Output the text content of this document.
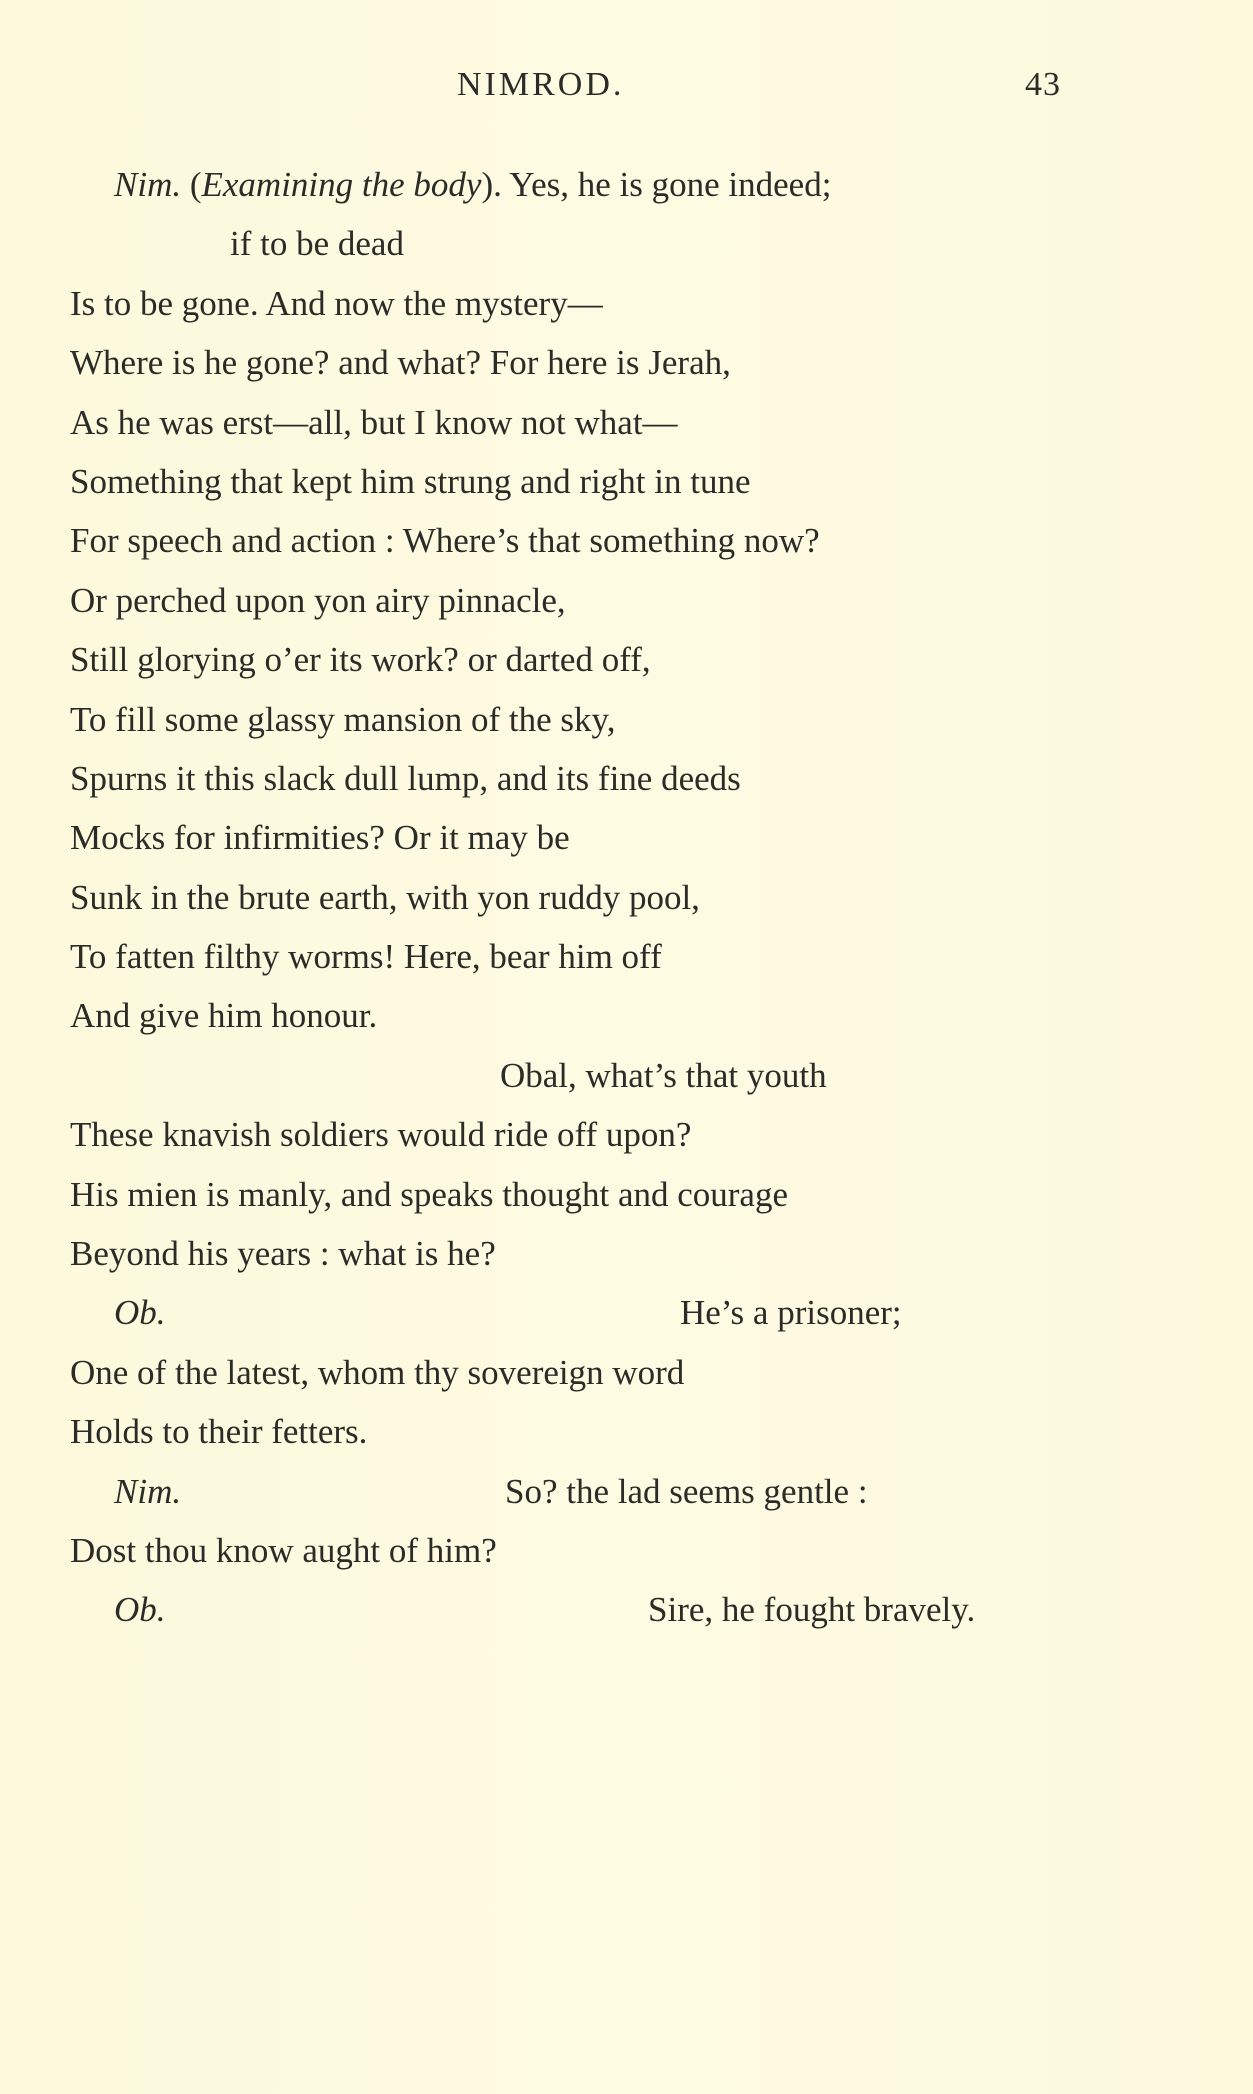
NIMROD.	43
Nim. (Examining the body). Yes, he is gone indeed;
if to be dead
Is to be gone. And now the mystery—
Where is he gone? and what? For here is Jerah,
As he was erst—all, but I know not what—
Something that kept him strung and right in tune
For speech and action : Where’s that something now?
Or perched upon yon airy pinnacle,
Still glorying o’er its work? or darted off,
To fill some glassy mansion of the sky,
Spurns it this slack dull lump, and its fine deeds
Mocks for infirmities? Or it may be
Sunk in the brute earth, with yon ruddy pool,
To fatten filthy worms! Here, bear him off
And give him honour.
Obal, what’s that youth
These knavish soldiers would ride off upon?
His mien is manly, and speaks thought and courage
Beyond his years : what is he?
Ob.	He’s a prisoner;
One of the latest, whom thy sovereign word
Holds to their fetters.
Nim.	So? the lad seems gentle :
Dost thou know aught of him?
Ob.	Sire, he fought bravely.
